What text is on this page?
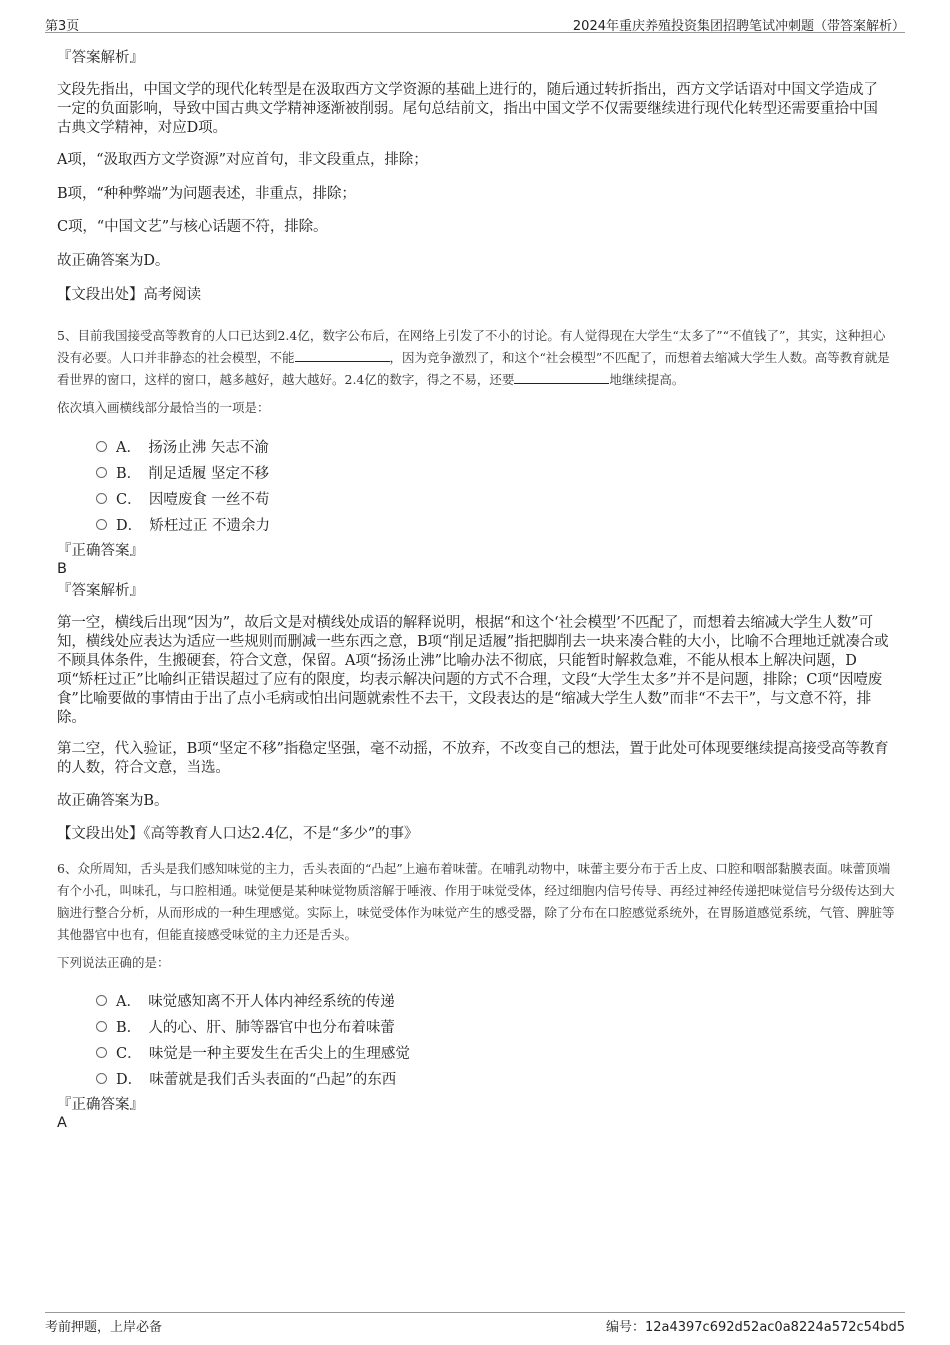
第3页	2024年重庆养殖投资集团招聘笔试冲刺题（带答案解析）
『答案解析』

文段先指出，中国文学的现代化转型是在汲取西方文学资源的基础上进行的，随后通过转折指出，西方文学话语对中国文学造成了一定的负面影响，导致中国古典文学精神逐渐被削弱。尾句总结前文，指出中国文学不仅需要继续进行现代化转型还需要重拾中国古典文学精神，对应D项。

A项，“汲取西方文学资源”对应首句，非文段重点，排除；

B项，“种种弊端”为问题表述，非重点，排除；

C项，“中国文艺”与核心话题不符，排除。

故正确答案为D。

【文段出处】高考阅读

5、目前我国接受高等教育的人口已达到2.4亿，数字公布后，在网络上引发了不小的讨论。有人觉得现在大学生“太多了”“不值钱了”，其实，这种担心没有必要。人口并非静态的社会模型，不能	，因为竞争激烈了，和这个“社会模型”不匹配了，而想着去缩减大学生人数。高等教育就是看世界的窗口，这样的窗口，越多越好，越大越好。2.4亿的数字，得之不易，还要	地继续提高。

依次填入画横线部分最恰当的一项是：

A．　扬汤止沸 矢志不渝
B．　削足适履 坚定不移
C．　因噎废食 一丝不苟
D．　矫枉过正 不遗余力
『正确答案』
B
『答案解析』

第一空，横线后出现“因为”，故后文是对横线处成语的解释说明，根据“和这个‘社会模型’不匹配了，而想着去缩减大学生人数”可知，横线处应表达为适应一些规则而删减一些东西之意，B项“削足适履”指把脚削去一块来凑合鞋的大小，比喻不合理地迁就凑合或不顾具体条件，生搬硬套，符合文意，保留。A项“扬汤止沸”比喻办法不彻底，只能暂时解救急难，不能从根本上解决问题，D项“矫枉过正”比喻纠正错误超过了应有的限度，均表示解决问题的方式不合理，文段“大学生太多”并不是问题，排除；C项“因噎废食”比喻要做的事情由于出了点小毛病或怕出问题就索性不去干，文段表达的是“缩减大学生人数”而非“不去干”，与文意不符，排除。

第二空，代入验证，B项“坚定不移”指稳定坚强，毫不动摇，不放弃，不改变自己的想法，置于此处可体现要继续提高接受高等教育的人数，符合文意，当选。

故正确答案为B。

【文段出处】《高等教育人口达2.4亿，不是“多少”的事》

6、众所周知，舌头是我们感知味觉的主力，舌头表面的“凸起”上遍布着味蕾。在哺乳动物中，味蕾主要分布于舌上皮、口腔和咽部黏膜表面。味蕾顶端有个小孔，叫味孔，与口腔相通。味觉便是某种味觉物质溶解于唾液、作用于味觉受体，经过细胞内信号传导、再经过神经传递把味觉信号分级传达到大脑进行整合分析，从而形成的一种生理感觉。实际上，味觉受体作为味觉产生的感受器，除了分布在口腔感觉系统外，在胃肠道感觉系统，气管、脾脏等其他器官中也有，但能直接感受味觉的主力还是舌头。

下列说法正确的是：

A．　味觉感知离不开人体内神经系统的传递
B．　人的心、肝、肺等器官中也分布着味蕾
C．　味觉是一种主要发生在舌尖上的生理感觉
D．　味蕾就是我们舌头表面的“凸起”的东西
『正确答案』
A
考前押题，上岸必备	编号：12a4397c692d52ac0a8224a572c54bd5
